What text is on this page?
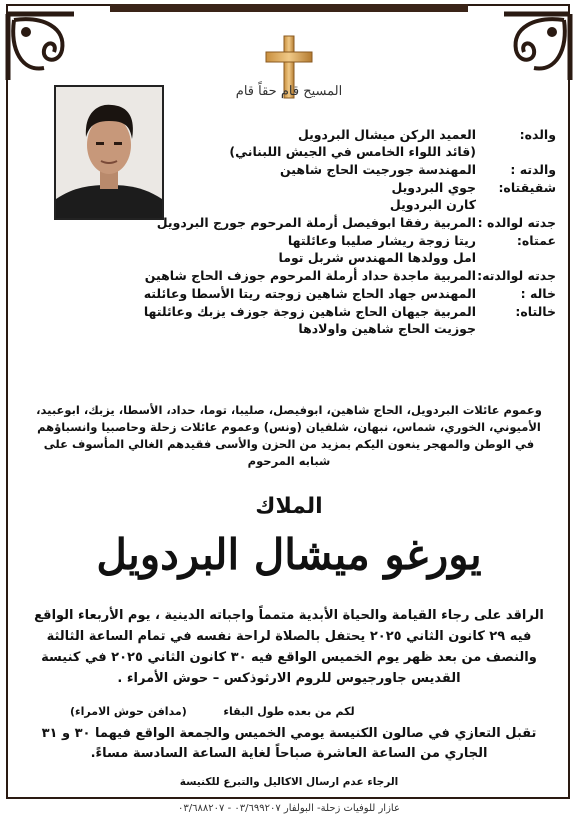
المسيح قام حقاً قام
والده:
العميد الركن ميشال البردويل
(قائد اللواء الخامس في الجيش اللبناني)
والدته :
المهندسة جورجيت الحاج شاهين
شقيقتاه:
جوي البردويل
كارن البردويل
جدته لوالده :
المربية رفقا ابوفيصل أرملة المرحوم جورج البردويل
عمتاه:
ريتا زوجة ريشار صليبا وعائلتها
امل وولدها المهندس شربل توما
جدته لوالدته:
المربية ماجدة حداد أرملة المرحوم جوزف الحاج شاهين
خاله :
المهندس جهاد الحاج شاهين زوجته ريتا الأسطا وعائلته
خالتاه:
المربية جيهان الحاج شاهين زوجة جوزف يزبك وعائلتها
جوزيت الحاج شاهين واولادها
وعموم عائلات البردويل، الحاج شاهين، ابوفيصل، صليبا، توما، حداد، الأسطا، يزبك، ابوعبيد، الأميوني، الخوري، شماس، نبهان، شلفيان (ونس) وعموم عائلات زحلة وحاصبيا وانسباؤهم في الوطن والمهجر ينعون اليكم بمزيد من الحزن والأسى فقيدهم الغالي المأسوف على شبابه المرحوم
الملاك
يورغو ميشال البردويل
الراقد على رجاء القيامة والحياة الأبدية متمماً واجباته الدينية ، يوم الأربعاء الواقع فيه ٢٩ كانون الثاني ٢٠٢٥ يحتفل بالصلاة لراحة نفسه في تمام الساعة الثالثة والنصف من بعد ظهر يوم الخميس الواقع فيه ٣٠ كانون الثاني ٢٠٢٥ في كنيسة القديس جاورجيوس للروم الارثوذكس – حوش الأمراء .
(مدافن حوش الامراء)	لكم من بعده طول البقاء
تقبل التعازي في صالون الكنيسة يومي الخميس والجمعة الواقع فيهما ٣٠ و ٣١ الجاري من الساعة العاشرة صباحاً لغاية الساعة السادسة مساءً.
الرجاء عدم ارسال الاكاليل والتبرع للكنيسة
عازار للوفيات زحلة- البولفار ٠٣/٦٩٩٢٠٧ - ٠٣/٦٨٨٢٠٧
